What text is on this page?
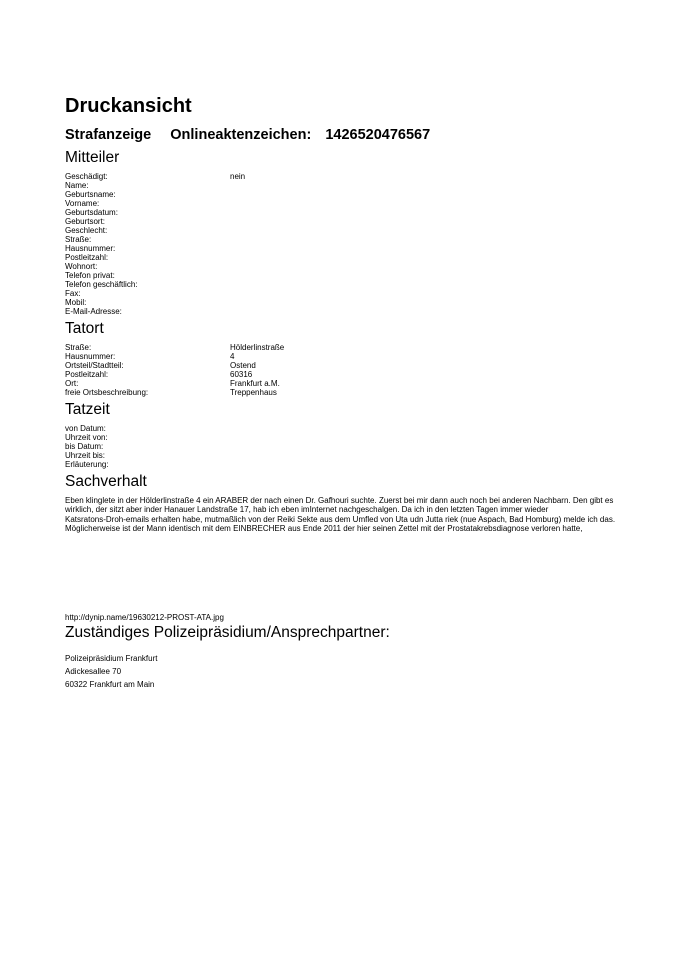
Druckansicht
Strafanzeige Onlineaktenzeichen: 1426520476567
Mitteiler
Geschädigt:	nein
Name:
Geburtsname:
Vorname:
Geburtsdatum:
Geburtsort:
Geschlecht:
Straße:
Hausnummer:
Postleitzahl:
Wohnort:
Telefon privat:
Telefon geschäftlich:
Fax:
Mobil:
E-Mail-Adresse:
Tatort
Straße:	Hölderlinstraße
Hausnummer:	4
Ortsteil/Stadtteil:	Ostend
Postleitzahl:	60316
Ort:	Frankfurt a.M.
freie Ortsbeschreibung:	Treppenhaus
Tatzeit
von Datum:
Uhrzeit von:
bis Datum:
Uhrzeit bis:
Erläuterung:
Sachverhalt
Eben klinglete in der Hölderlinstraße 4 ein ARABER der nach einen Dr. Gafhouri suchte. Zuerst bei mir dann auch noch bei anderen Nachbarn. Den gibt es
wirklich, der sitzt aber inder Hanauer Landstraße 17, hab ich eben imInternet nachgeschalgen. Da ich in den letzten Tagen immer wieder
Katsratons-Droh-emails erhalten habe, mutmaßlich von der Reiki Sekte aus dem Umfled von Uta udn Jutta riek (nue Aspach, Bad Homburg) melde ich das.
Möglicherweise ist der Mann identisch mit dem EINBRECHER aus Ende 2011 der hier seinen Zettel mit der Prostatakrebsdiagnose verloren hatte,
http://dynip.name/19630212-PROST-ATA.jpg
Zuständiges Polizeipräsidium/Ansprechpartner:
Polizeipräsidium Frankfurt
Adickesallee 70
60322 Frankfurt am Main
